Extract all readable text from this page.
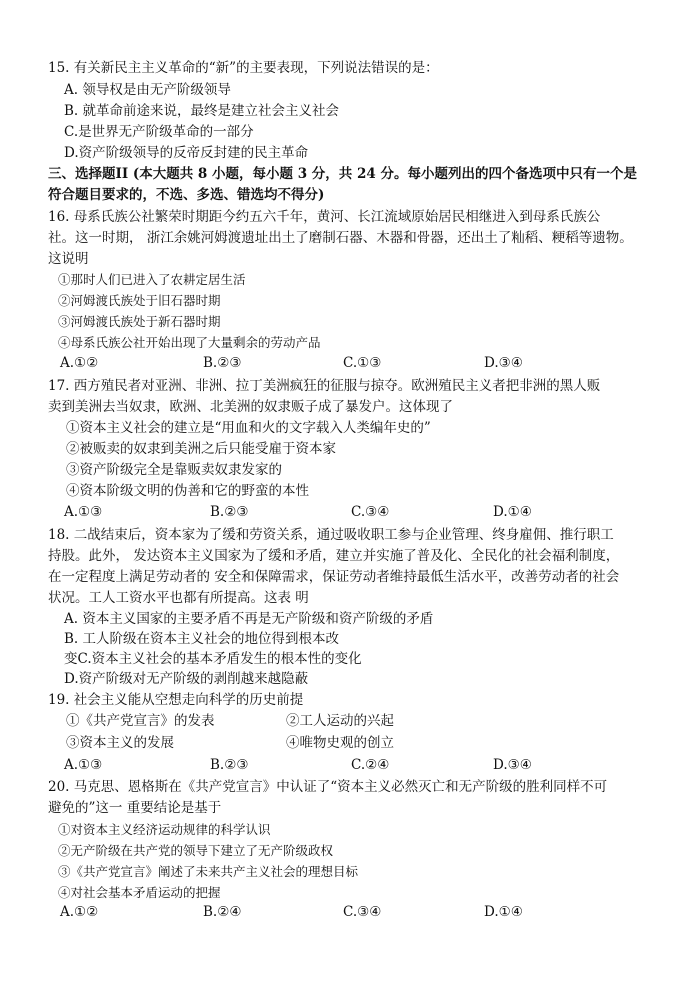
15. 有关新民主主义革命的“新”的主要表现，下列说法错误的是：
A. 领导权是由无产阶级领导
B. 就革命前途来说，最终是建立社会主义社会
C.是世界无产阶级革命的一部分
D.资产阶级领导的反帝反封建的民主革命
三、选择题II (本大题共 8 小题，每小题 3 分，共 24 分。每小题列出的四个备选项中只有一个是
符合题目要求的，不选、多选、错选均不得分)
16. 母系氏族公社繁荣时期距今约五六千年，黄河、长江流域原始居民相继进入到母系氏族公
社。这一时期， 浙江余姚河姆渡遗址出土了磨制石器、木器和骨器，还出土了籼稻、粳稻等遗物。
这说明
①那时人们已进入了农耕定居生活
②河姆渡氏族处于旧石器时期
③河姆渡氏族处于新石器时期
④母系氏族公社开始出现了大量剩余的劳动产品
A.①②	B.②③	C.①③	D.③④
17. 西方殖民者对亚洲、非洲、拉丁美洲疯狂的征服与掠夺。欧洲殖民主义者把非洲的黑人贩
卖到美洲去当奴隶，欧洲、北美洲的奴隶贩子成了暴发户。这体现了
①资本主义社会的建立是“用血和火的文字载入人类编年史的”
②被贩卖的奴隶到美洲之后只能受雇于资本家
③资产阶级完全是靠贩卖奴隶发家的
④资本阶级文明的伪善和它的野蛮的本性
A.①③	B.②③	C.③④	D.①④
18. 二战结束后，资本家为了缓和劳资关系，通过吸收职工参与企业管理、终身雇佣、推行职工
持股。此外， 发达资本主义国家为了缓和矛盾，建立并实施了普及化、全民化的社会福利制度，
在一定程度上满足劳动者的 安全和保障需求，保证劳动者维持最低生活水平，改善劳动者的社会
状况。工人工资水平也都有所提高。这表 明
A. 资本主义国家的主要矛盾不再是无产阶级和资产阶级的矛盾
B. 工人阶级在资本主义社会的地位得到根本改
变C.资本主义社会的基本矛盾发生的根本性的变化
D.资产阶级对无产阶级的剥削越来越隐蔽
19. 社会主义能从空想走向科学的历史前提
①《共产党宣言》的发表	②工人运动的兴起
③资本主义的发展	④唯物史观的创立
A.①③	B.②③	C.②④	D.③④
20. 马克思、恩格斯在《共产党宣言》中认证了“资本主义必然灭亡和无产阶级的胜利同样不可
避免的”这一 重要结论是基于
①对资本主义经济运动规律的科学认识
②无产阶级在共产党的领导下建立了无产阶级政权
③《共产党宣言》阐述了未来共产主义社会的理想目标
④对社会基本矛盾运动的把握
A.①②	B.②④	C.③④	D.①④
